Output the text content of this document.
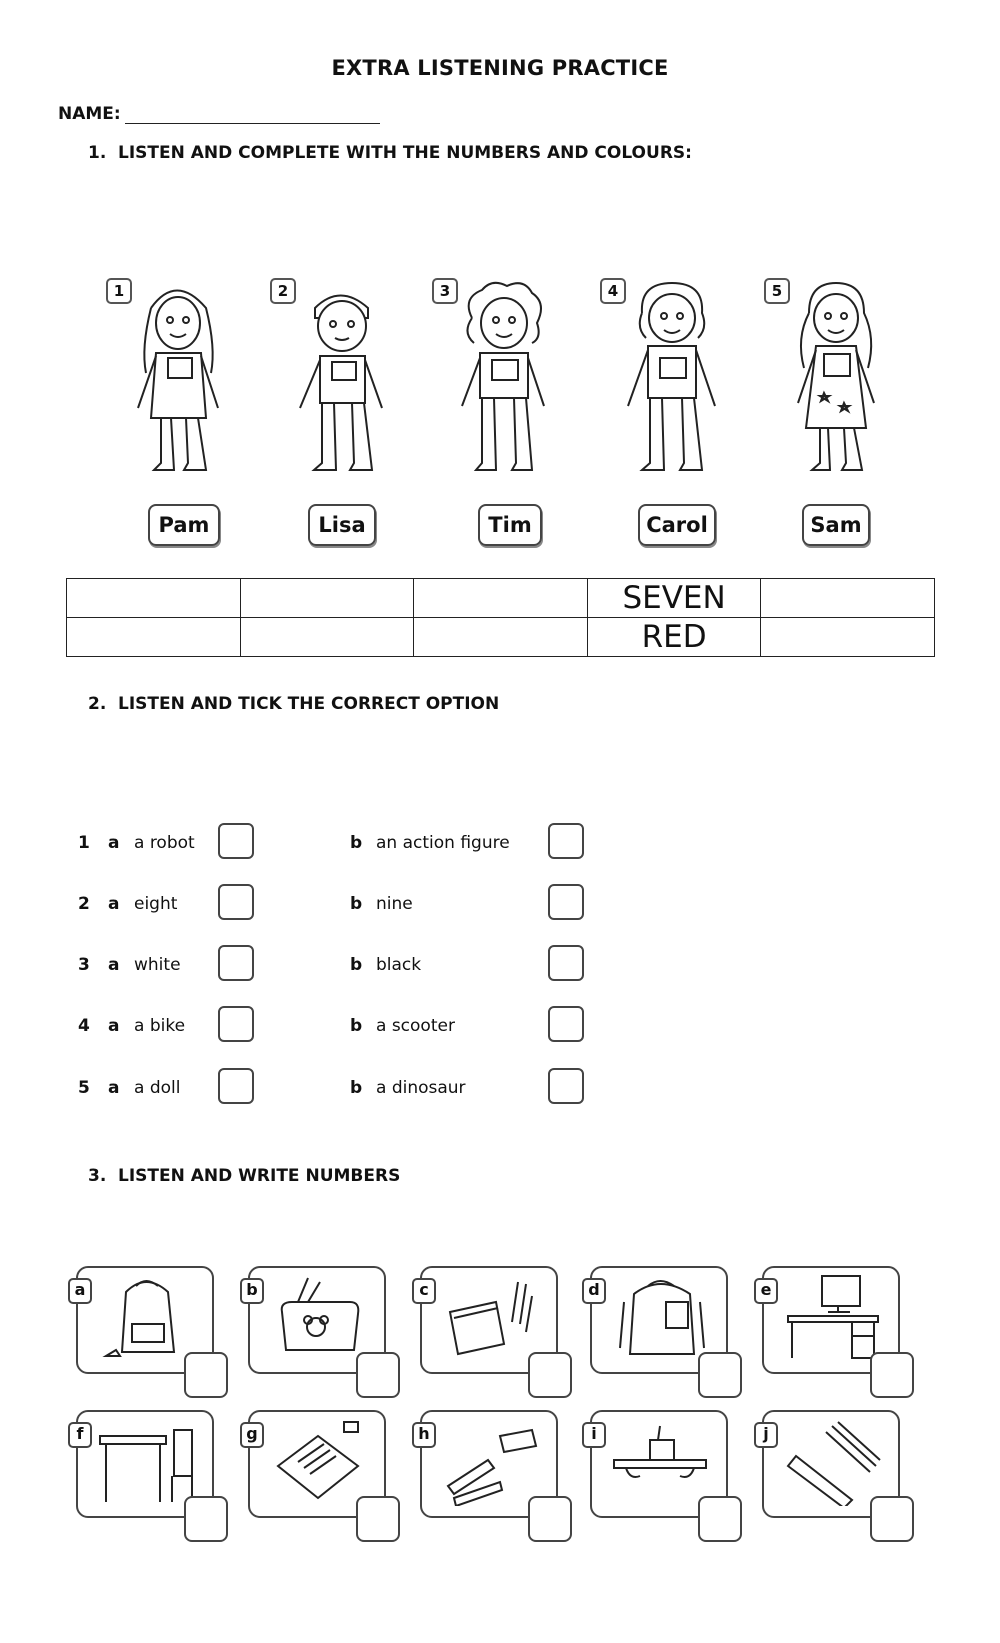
EXTRA LISTENING PRACTICE
NAME:
1. LISTEN AND COMPLETE WITH THE NUMBERS AND COLOURS:
1	2	3	4	5
Pam	Lisa	Tim	Carol	Sam
			SEVEN	
			RED	
2. LISTEN AND TICK THE CORRECT OPTION
1 a a robot	b an action figure
2 a eight	b nine
3 a white	b black
4 a a bike	b a scooter
5 a a doll	b a dinosaur
3. LISTEN AND WRITE NUMBERS
a	b	c	d	e
f	g	h	i	j
